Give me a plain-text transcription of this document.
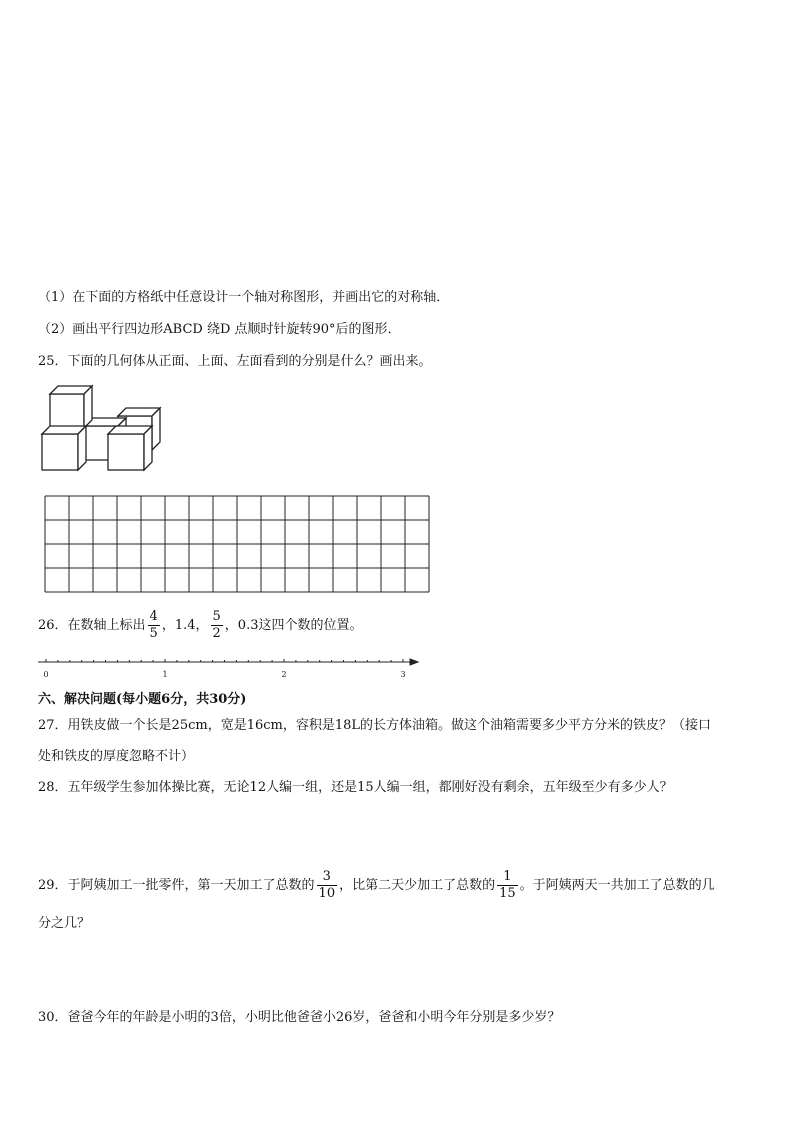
（1）在下面的方格纸中任意设计一个轴对称图形，并画出它的对称轴．
（2）画出平行四边形ABCD 绕D 点顺时针旋转90°后的图形．
25．下面的几何体从正面、上面、左面看到的分别是什么？画出来。
26．在数轴上标出 $\frac{4}{5}$ ，1.4， $\frac{5}{2}$ ，0.3这四个数的位置。
0	1	2	3
六、解决问题(每小题6分，共30分)
27．用铁皮做一个长是25cm，宽是16cm，容积是18L的长方体油箱。做这个油箱需要多少平方分米的铁皮？（接口
处和铁皮的厚度忽略不计）
28．五年级学生参加体操比赛，无论12人编一组，还是15人编一组，都刚好没有剩余，五年级至少有多少人？
29．于阿姨加工一批零件，第一天加工了总数的 $\frac{3}{10}$ ，比第二天少加工了总数的 $\frac{1}{15}$ 。于阿姨两天一共加工了总数的几
分之几？
30．爸爸今年的年龄是小明的3倍，小明比他爸爸小26岁，爸爸和小明今年分别是多少岁？
